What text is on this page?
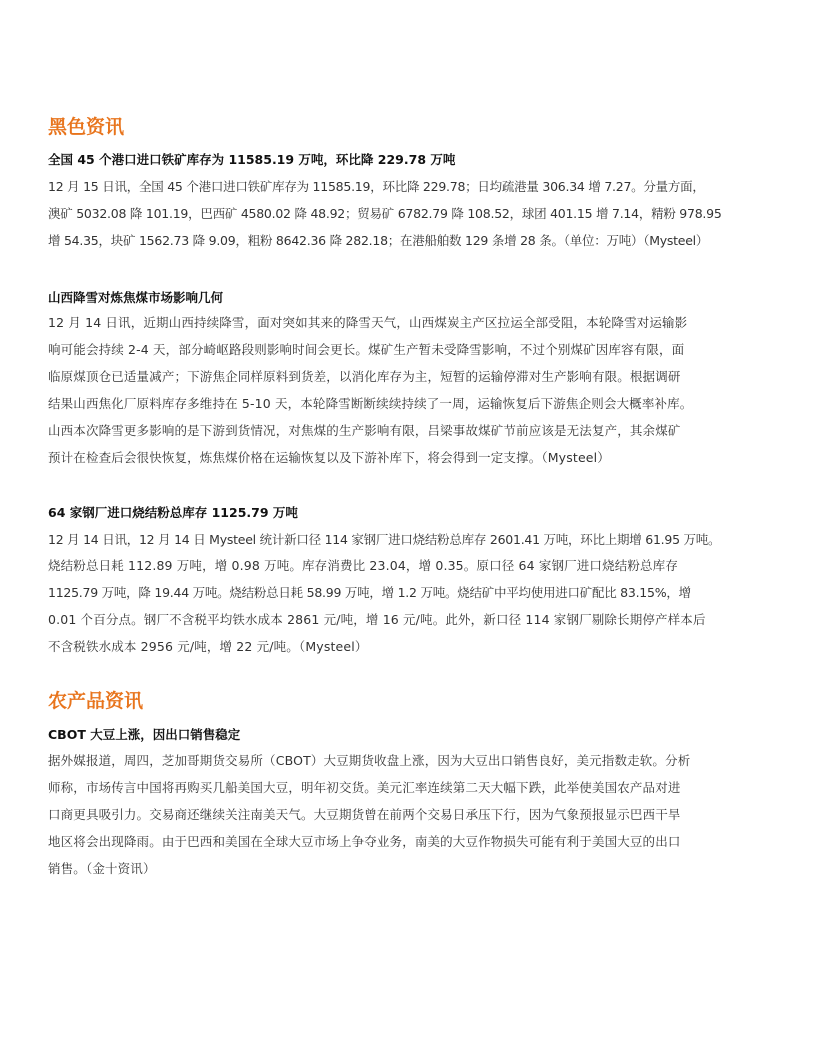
黑色资讯
全国 45 个港口进口铁矿库存为 11585.19 万吨，环比降 229.78 万吨
12 月 15 日讯，全国 45 个港口进口铁矿库存为 11585.19，环比降 229.78；日均疏港量 306.34 增 7.27。分量方面，
澳矿 5032.08 降 101.19，巴西矿 4580.02 降 48.92；贸易矿 6782.79 降 108.52，球团 401.15 增 7.14，精粉 978.95
增 54.35，块矿 1562.73 降 9.09，粗粉 8642.36 降 282.18；在港船舶数 129 条增 28 条。（单位：万吨）（Mysteel）
山西降雪对炼焦煤市场影响几何
12 月 14 日讯，近期山西持续降雪，面对突如其来的降雪天气，山西煤炭主产区拉运全部受阻，本轮降雪对运输影
响可能会持续 2-4 天，部分崎岖路段则影响时间会更长。煤矿生产暂未受降雪影响，不过个别煤矿因库容有限，面
临原煤顶仓已适量减产；下游焦企同样原料到货差，以消化库存为主，短暂的运输停滞对生产影响有限。根据调研
结果山西焦化厂原料库存多维持在 5-10 天，本轮降雪断断续续持续了一周，运输恢复后下游焦企则会大概率补库。
山西本次降雪更多影响的是下游到货情况，对焦煤的生产影响有限，吕梁事故煤矿节前应该是无法复产，其余煤矿
预计在检查后会很快恢复，炼焦煤价格在运输恢复以及下游补库下，将会得到一定支撑。（Mysteel）
64 家钢厂进口烧结粉总库存 1125.79 万吨
12 月 14 日讯，12 月 14 日 Mysteel 统计新口径 114 家钢厂进口烧结粉总库存 2601.41 万吨，环比上期增 61.95 万吨。
烧结粉总日耗 112.89 万吨，增 0.98 万吨。库存消费比 23.04，增 0.35。原口径 64 家钢厂进口烧结粉总库存
1125.79 万吨，降 19.44 万吨。烧结粉总日耗 58.99 万吨，增 1.2 万吨。烧结矿中平均使用进口矿配比 83.15%，增
0.01 个百分点。钢厂不含税平均铁水成本 2861 元/吨，增 16 元/吨。此外，新口径 114 家钢厂剔除长期停产样本后
不含税铁水成本 2956 元/吨，增 22 元/吨。（Mysteel）
农产品资讯
CBOT 大豆上涨，因出口销售稳定
据外媒报道，周四，芝加哥期货交易所（CBOT）大豆期货收盘上涨，因为大豆出口销售良好，美元指数走软。分析
师称，市场传言中国将再购买几船美国大豆，明年初交货。美元汇率连续第二天大幅下跌，此举使美国农产品对进
口商更具吸引力。交易商还继续关注南美天气。大豆期货曾在前两个交易日承压下行，因为气象预报显示巴西干旱
地区将会出现降雨。由于巴西和美国在全球大豆市场上争夺业务，南美的大豆作物损失可能有利于美国大豆的出口
销售。（金十资讯）
